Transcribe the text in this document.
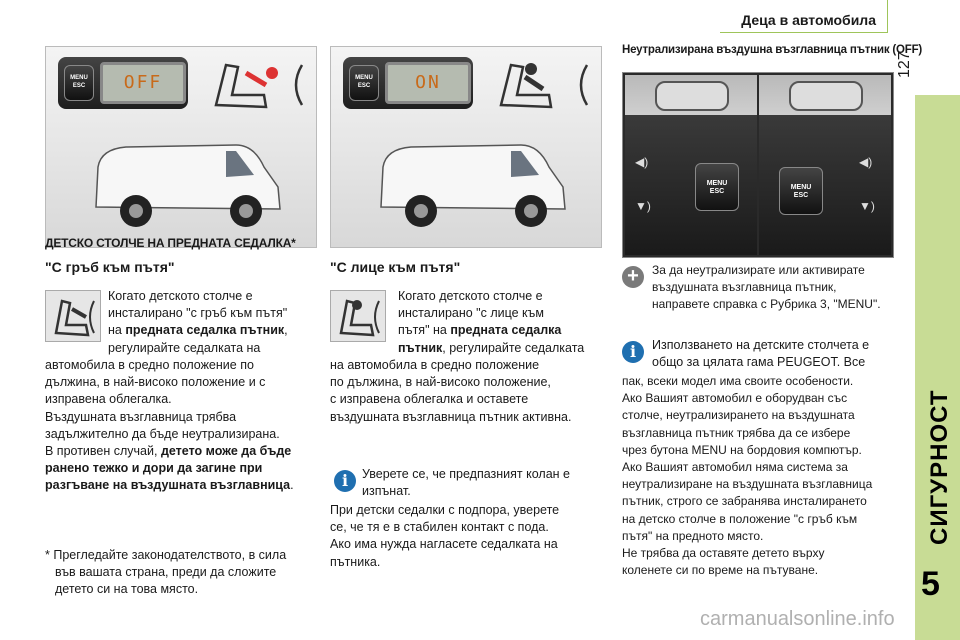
Деца в автомобила
127
СИГУРНОСТ
5
MENU
ESC	OFF	MENU
ESC	ON
Неутрализирана въздушна възглавница пътник (OFF)
MENU
ESC
◀)
▼)
MENU
ESC
◀)
▼)
ДЕТСКО СТОЛЧЕ НА ПРЕДНАТА СЕДАЛКА*
"С гръб към пътя"
Когато детското столче е
инсталирано "с гръб към пътя"
на предната седалка пътник,
регулирайте седалката на
автомобила в средно положение по
дължина, в най-високо положение и с
изправена облегалка.
Въздушната възглавница трябва
задължително да бъде неутрализирана.
В противен случай, детето може да бъде
ранено тежко и дори да загине при
разгъване на въздушната възглавница.
* Прегледайте законодателството, в сила
във вашата страна, преди да сложите
детето си на това място.
"С лице към пътя"
Когато детското столче е
инсталирано "с лице към
пътя" на предната седалка
пътник, регулирайте седалката
на автомобила в средно положение
по дължина, в най-високо положение,
с изправена облегалка и оставете
въздушната възглавница пътник активна.
i	Уверете се, че предпазният колан е
изпънат.
При детски седалки с подпора, уверете
се, че тя е в стабилен контакт с пода.
Ако има нужда нагласете седалката на
пътника.
+	За да неутрализирате или активирате
въздушната възглавница пътник,
направете справка с Рубрика 3, "MENU".
i	Използването на детските столчета е
общо за цялата гама PEUGEOT. Все
пак, всеки модел има своите особености.
Ако Вашият автомобил е оборудван със
столче, неутрализирането на въздушната
възглавница пътник трябва да се избере
чрез бутона MENU на бордовия компютър.
Ако Вашият автомобил няма система за
неутрализиране на въздушната възглавница
пътник, строго се забранява инсталирането
на детско столче в положение "с гръб към
пътя" на предното място.
Не трябва да оставяте детето върху
коленете си по време на пътуване.
carmanualsonline.info
